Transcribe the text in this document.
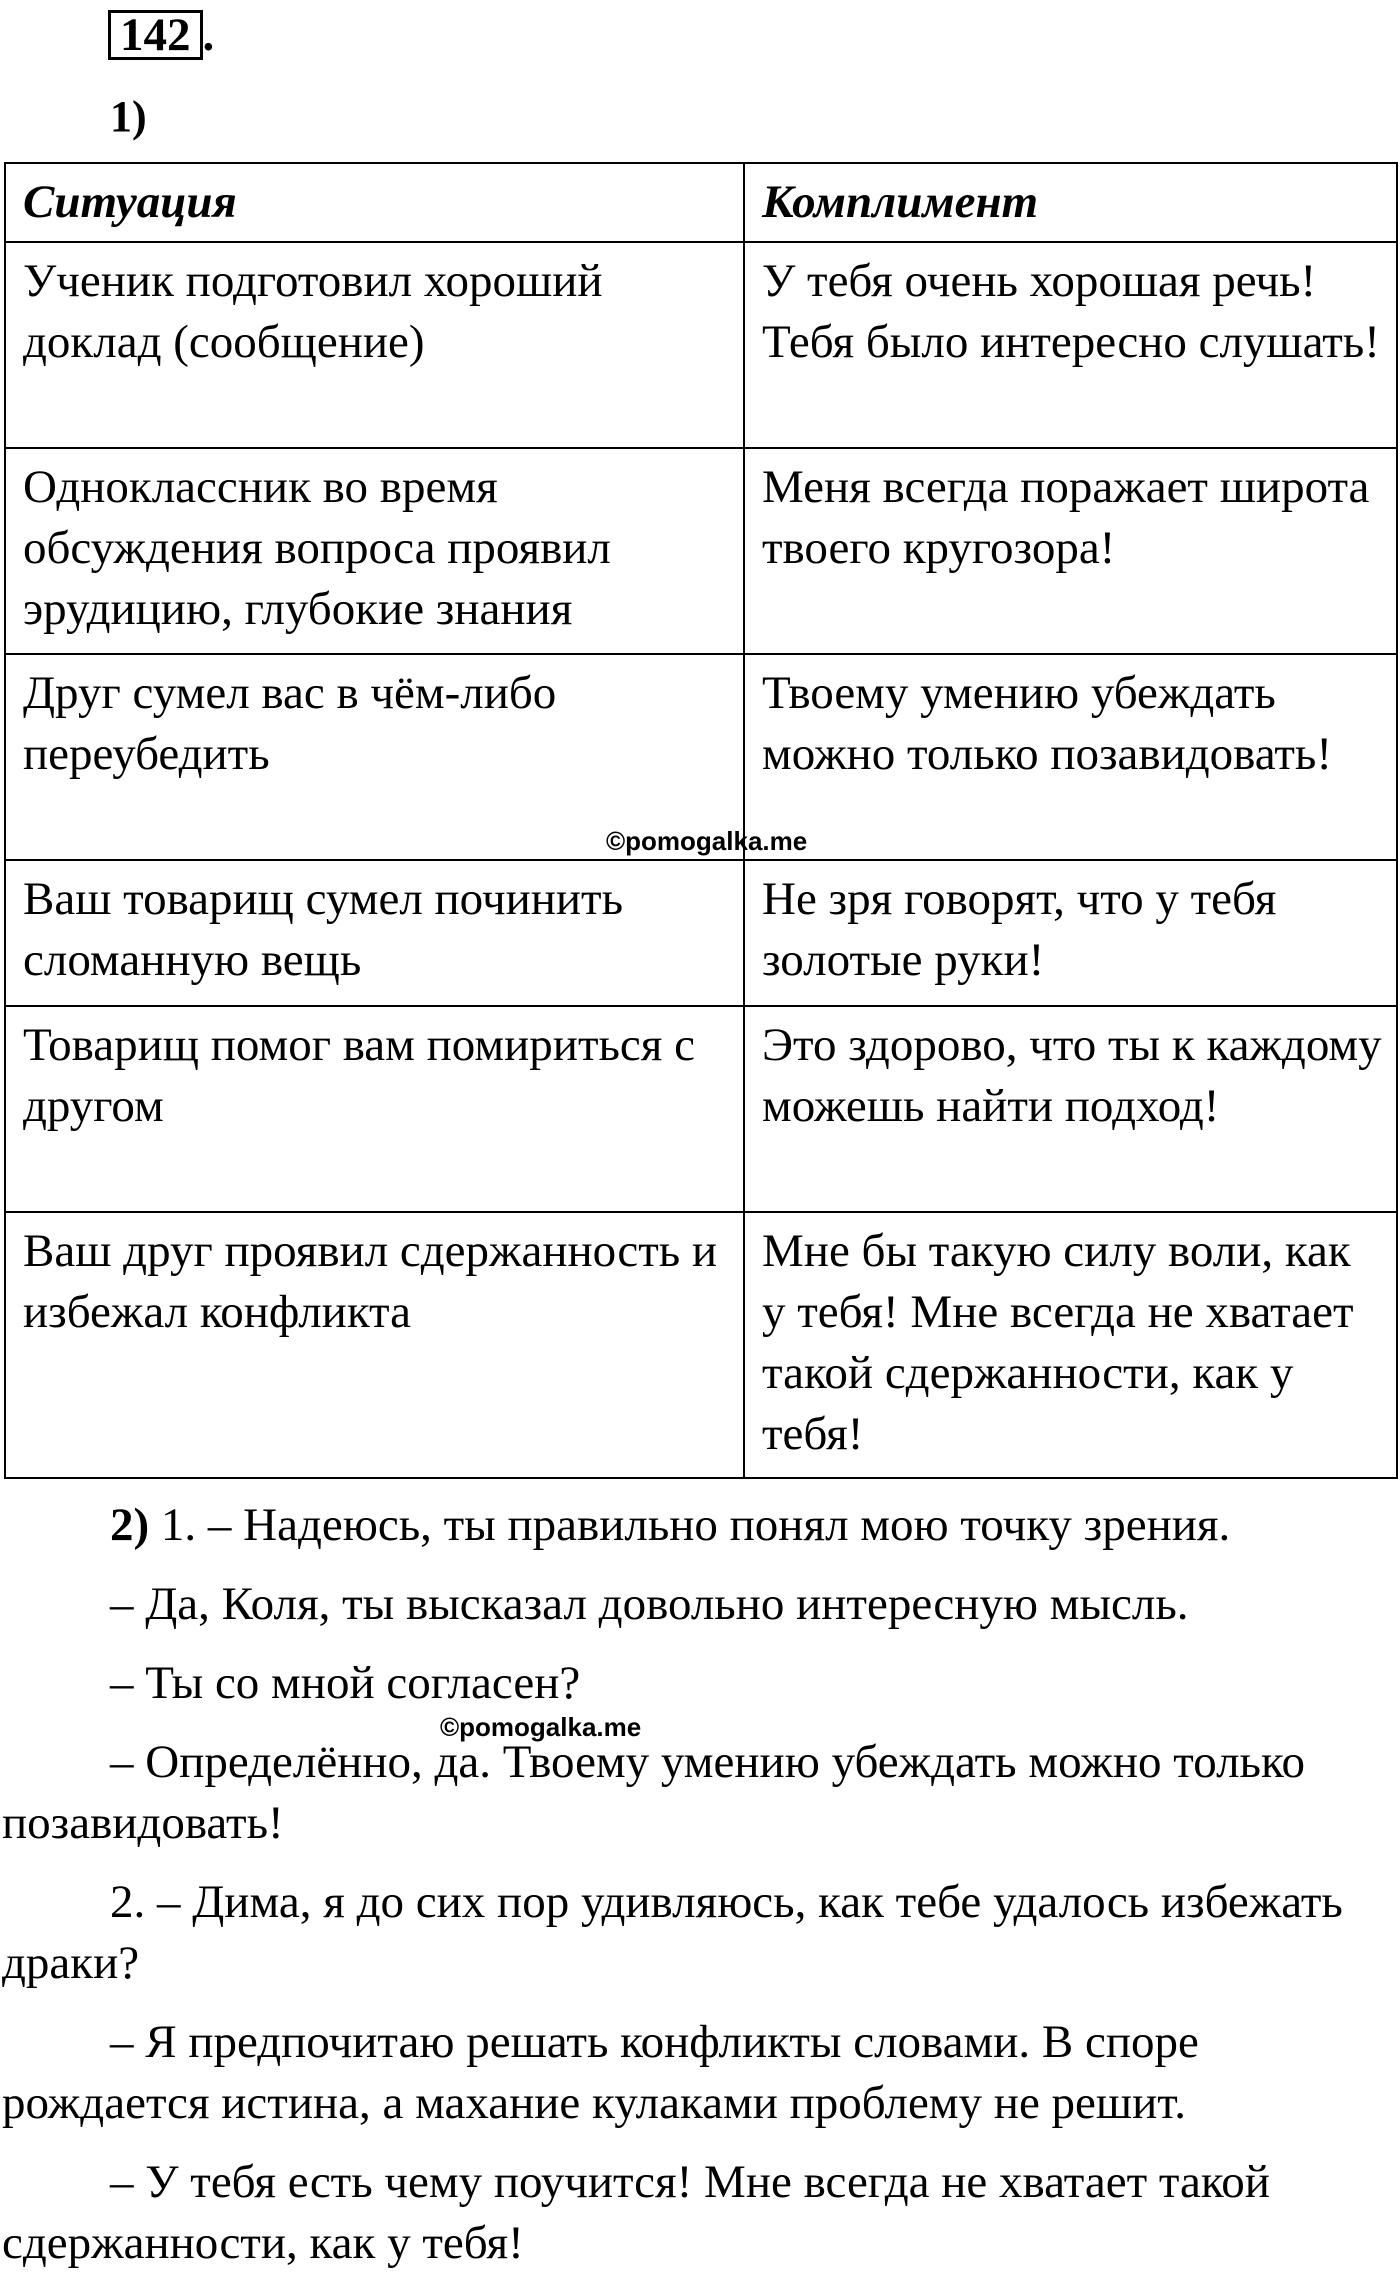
142 .
1)
Ситуация	Комплимент
Ученик подготовил хороший доклад (сообщение)	У тебя очень хорошая речь! Тебя было интересно слушать!
Одноклассник во время обсуждения вопроса проявил эрудицию, глубокие знания	Меня всегда поражает широта твоего кругозора!
Друг сумел вас в чём-либо переубедить	Твоему умению убеждать можно только позавидовать!
Ваш товарищ сумел починить сломанную вещь	Не зря говорят, что у тебя золотые руки!
Товарищ помог вам помириться с другом	Это здорово, что ты к каждому можешь найти подход!
Ваш друг проявил сдержанность и избежал конфликта	Мне бы такую силу воли, как у тебя! Мне всегда не хватает такой сдержанности, как у тебя!
©pomogalka.me

2) 1. – Надеюсь, ты правильно понял мою точку зрения.

– Да, Коля, ты высказал довольно интересную мысль.

– Ты со мной согласен?

– Определённо, да. Твоему умению убеждать можно только позавидовать!

2. – Дима, я до сих пор удивляюсь, как тебе удалось избежать драки?

– Я предпочитаю решать конфликты словами. В споре рождается истина, а махание кулаками проблему не решит.

– У тебя есть чему поучится! Мне всегда не хватает такой сдержанности, как у тебя!

©pomogalka.me
